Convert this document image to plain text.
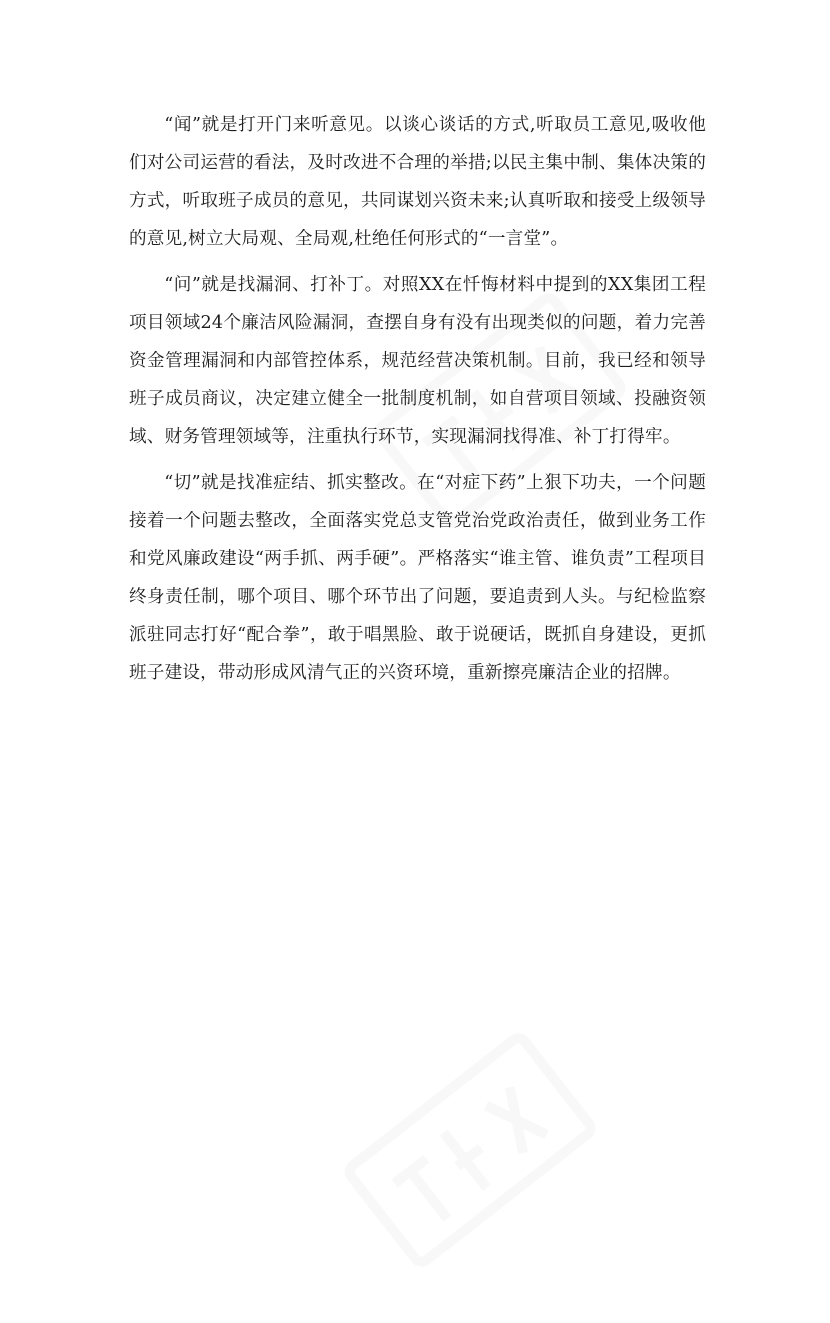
“闻”就是打开门来听意见。以谈心谈话的方式,听取员工意见,吸收他们对公司运营的看法，及时改进不合理的举措;以民主集中制、集体决策的方式，听取班子成员的意见，共同谋划兴资未来;认真听取和接受上级领导的意见,树立大局观、全局观,杜绝任何形式的“一言堂”。

“问”就是找漏洞、打补丁。对照XX在忏悔材料中提到的XX集团工程项目领域24个廉洁风险漏洞，查摆自身有没有出现类似的问题，着力完善资金管理漏洞和内部管控体系，规范经营决策机制。目前，我已经和领导班子成员商议，决定建立健全一批制度机制，如自营项目领域、投融资领域、财务管理领域等，注重执行环节，实现漏洞找得准、补丁打得牢。

“切”就是找准症结、抓实整改。在“对症下药”上狠下功夫，一个问题接着一个问题去整改，全面落实党总支管党治党政治责任，做到业务工作和党风廉政建设“两手抓、两手硬”。严格落实“谁主管、谁负责”工程项目终身责任制，哪个项目、哪个环节出了问题，要追责到人头。与纪检监察派驻同志打好“配合拳”，敢于唱黑脸、敢于说硬话，既抓自身建设，更抓班子建设，带动形成风清气正的兴资环境，重新擦亮廉洁企业的招牌。
